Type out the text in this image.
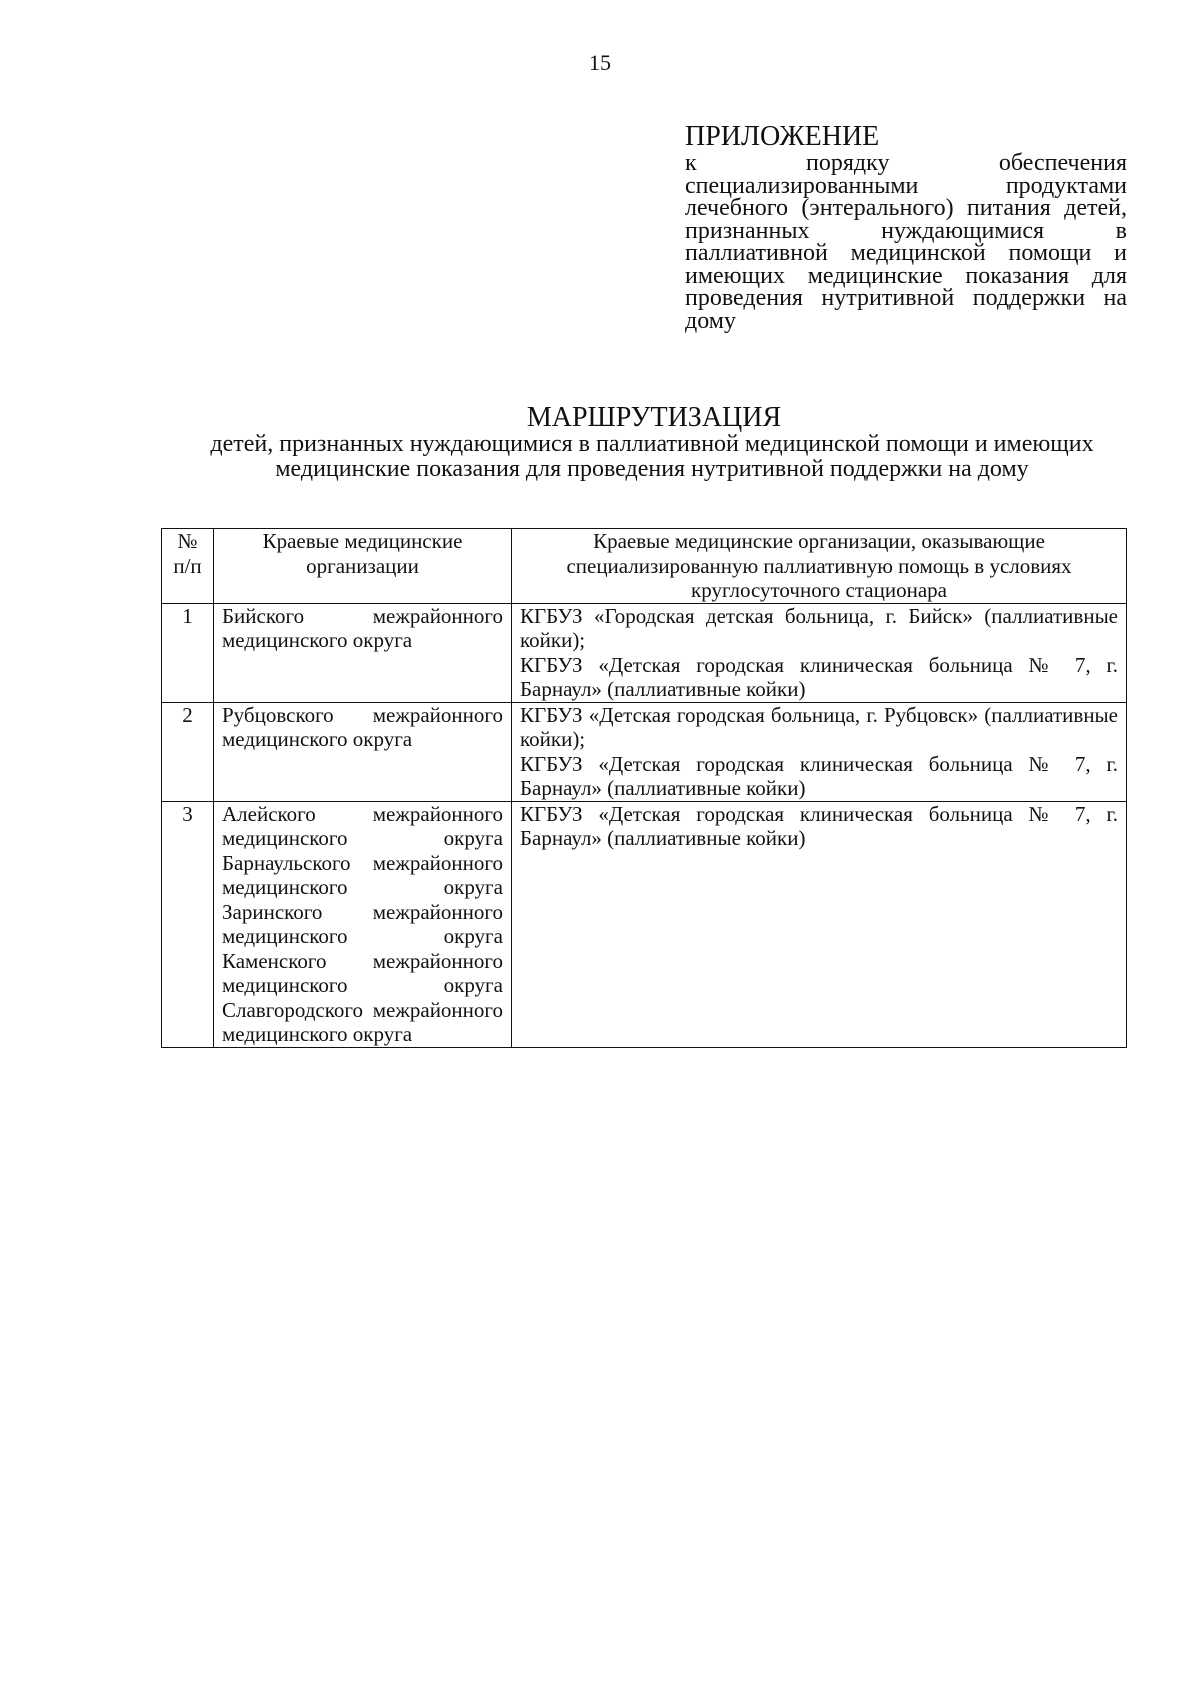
15
ПРИЛОЖЕНИЕ
к порядку обеспечения специализированными продуктами лечебного (энтерального) питания детей, признанных нуждающимися в паллиативной медицинской помощи и имеющих медицинские показания для проведения нутритивной поддержки на дому
МАРШРУТИЗАЦИЯ
детей, признанных нуждающимися в паллиативной медицинской помощи и имеющих медицинские показания для проведения нутритивной поддержки на дому
№ п/п	Краевые медицинские организации	Краевые медицинские организации, оказывающие специализированную паллиативную помощь в условиях круглосуточного стационара
1	Бийского межрайонного медицинского округа	КГБУЗ «Городская детская больница, г. Бийск» (паллиативные койки);
КГБУЗ «Детская городская клиническая больница № 7, г. Барнаул» (паллиативные койки)

2	Рубцовского межрайонного медицинского округа	КГБУЗ «Детская городская больница, г. Рубцовск» (паллиативные койки);
КГБУЗ «Детская городская клиническая больница № 7, г. Барнаул» (паллиативные койки)

3	Алейского межрайонного медицинского округа Барнаульского межрайонного медицинского округа Заринского межрайонного медицинского округа Каменского межрайонного медицинского округа Славгородского межрайонного медицинского округа	КГБУЗ «Детская городская клиническая больница № 7, г. Барнаул» (паллиативные койки)
